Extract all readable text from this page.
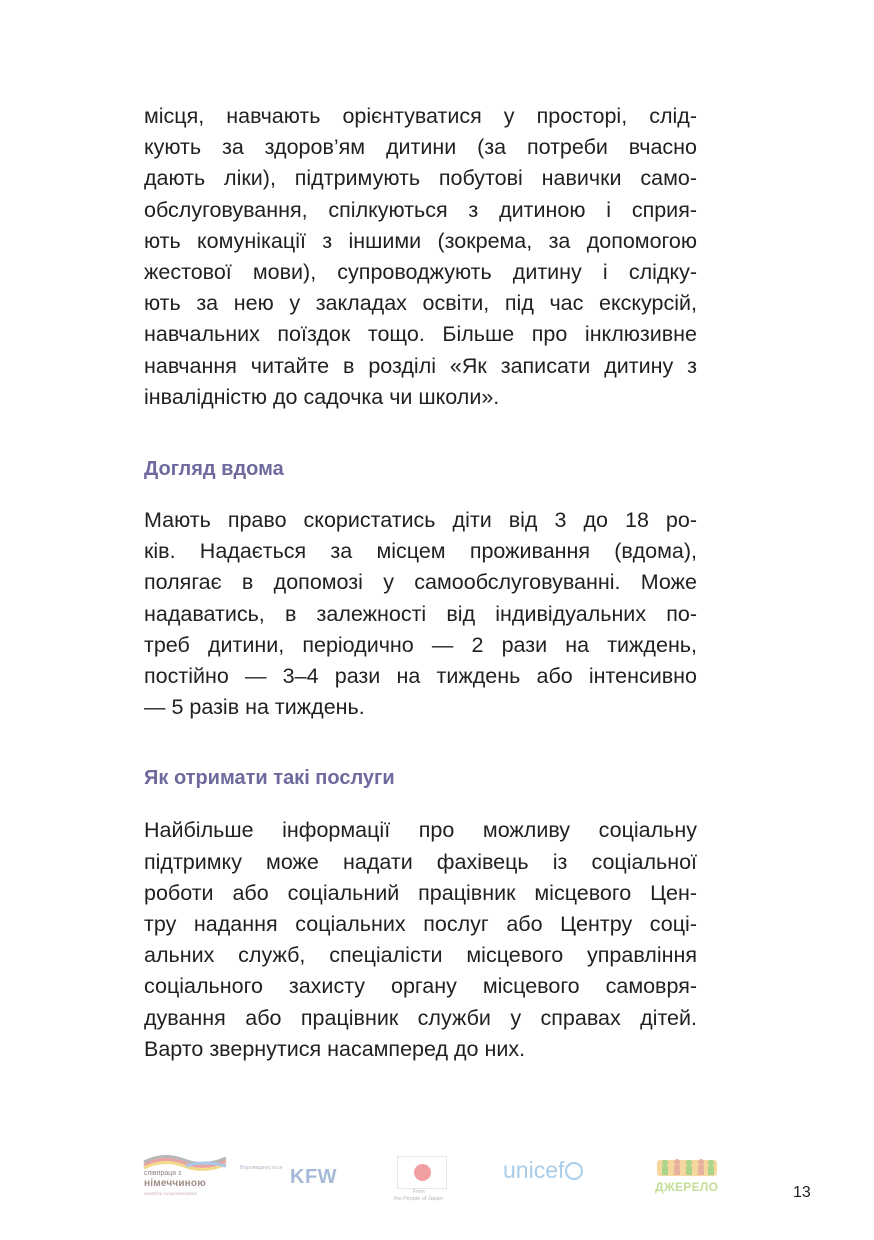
місця, навчають орієнтуватися у просторі, слід-
кують за здоров’ям дитини (за потреби вчасно
дають ліки), підтримують побутові навички само-
обслуговування, спілкуються з дитиною і сприя-
ють комунікації з іншими (зокрема, за допомогою
жестової мови), супроводжують дитину і слідку-
ють за нею у закладах освіти, під час екскурсій,
навчальних поїздок тощо. Більше про інклюзивне
навчання читайте в розділі «Як записати дитину з
інвалідністю до садочка чи школи».
Догляд вдома
Мають право скористатись діти від 3 до 18 ро-
ків. Надається за місцем проживання (вдома),
полягає в допомозі у самообслуговуванні. Може
надаватись, в залежності від індивідуальних по-
треб дитини, періодично — 2 рази на тиждень,
постійно — 3–4 рази на тиждень або інтенсивно
— 5 разів на тиждень.
Як отримати такі послуги
Найбільше інформації про можливу соціальну
підтримку може надати фахівець із соціальної
роботи або соціальний працівник місцевого Цен-
тру надання соціальних послуг або Центру соці-
альних служб, спеціалісти місцевого управління
соціального захисту органу місцевого самовря-
дування або працівник служби у справах дітей.
Варто звернутися насамперед до них.
співпраця з
німеччиною
deutsche zusammenarbeit
Впроваджується KFW
From
the People of Japan
unicef
ДЖЕРЕЛО	13
